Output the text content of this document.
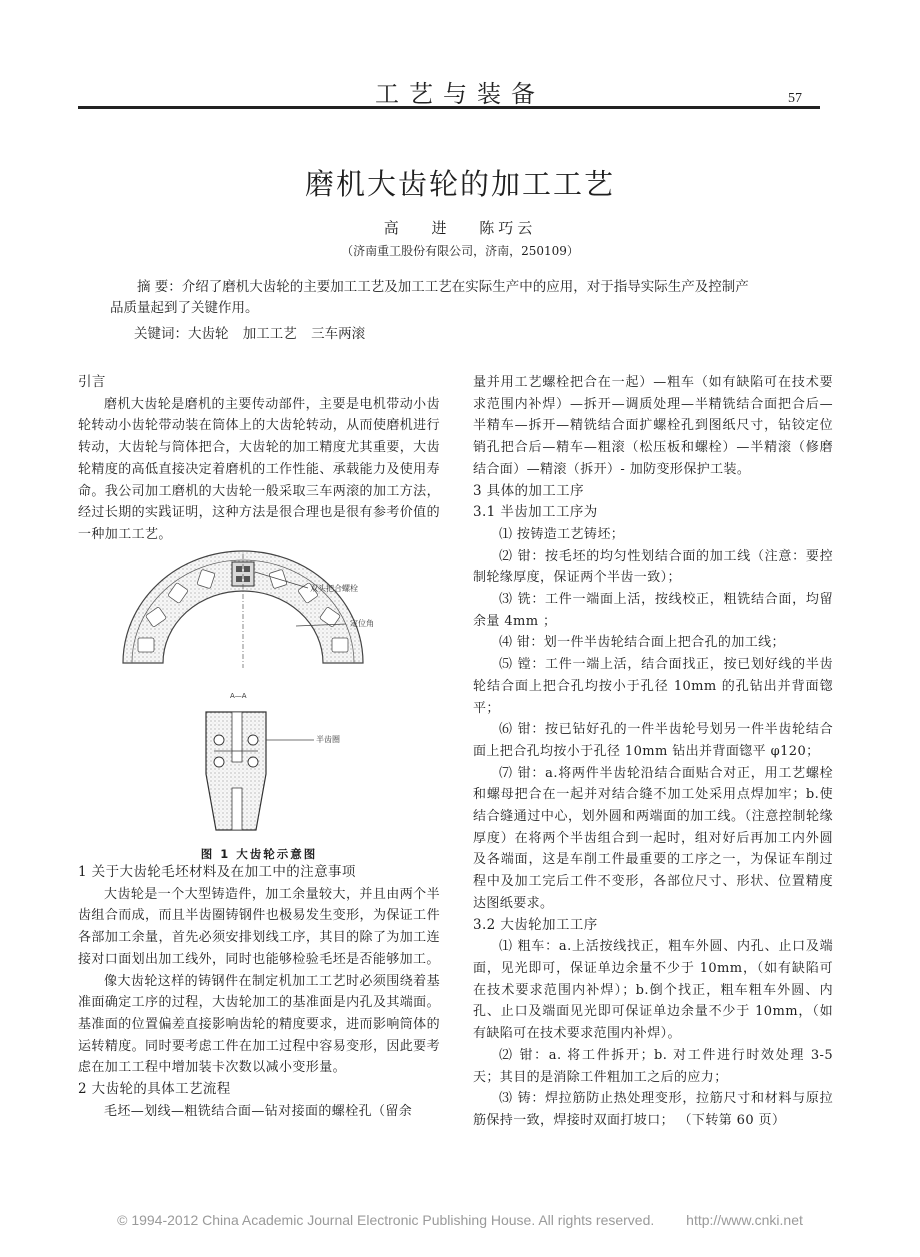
工艺与装备	57
磨机大齿轮的加工工艺
高 进 陈巧云
（济南重工股份有限公司，济南，250109）

摘 要：介绍了磨机大齿轮的主要加工工艺及加工工艺在实际生产中的应用，对于指导实际生产及控制产

品质量起到了关键作用。

关键词：大齿轮 加工工艺 三车两滚

引言

磨机大齿轮是磨机的主要传动部件，主要是电机带动小齿轮转动小齿轮带动装在筒体上的大齿轮转动，从而使磨机进行转动，大齿轮与筒体把合，大齿轮的加工精度尤其重要，大齿轮精度的高低直接决定着磨机的工作性能、承载能力及使用寿命。我公司加工磨机的大齿轮一般采取三车两滚的加工方法，经过长期的实践证明，这种方法是很合理也是很有参考价值的一种加工工艺。

双头把合螺栓
定位角
A—A
半齿圈
图 1 大齿轮示意图

1 关于大齿轮毛坯材料及在加工中的注意事项

大齿轮是一个大型铸造件，加工余量较大，并且由两个半齿组合而成，而且半齿圈铸钢件也极易发生变形，为保证工件各部加工余量，首先必须安排划线工序，其目的除了为加工连接对口面划出加工线外，同时也能够检验毛坯是否能够加工。

像大齿轮这样的铸钢件在制定机加工工艺时必须围绕着基准面确定工序的过程，大齿轮加工的基准面是内孔及其端面。基准面的位置偏差直接影响齿轮的精度要求，进而影响筒体的运转精度。同时要考虑工件在加工过程中容易变形，因此要考虑在加工工程中增加装卡次数以减小变形量。

2 大齿轮的具体工艺流程

毛坯—划线—粗铣结合面—钻对接面的螺栓孔（留余

量并用工艺螺栓把合在一起）—粗车（如有缺陷可在技术要求范围内补焊）—拆开—调质处理—半精铣结合面把合后—半精车—拆开—精铣结合面扩螺栓孔到图纸尺寸，钻铰定位销孔把合后—精车—粗滚（松压板和螺栓）—半精滚（修磨结合面）—精滚（拆开）- 加防变形保护工装。

3 具体的加工工序

3.1 半齿加工工序为

⑴ 按铸造工艺铸坯；

⑵ 钳：按毛坯的均匀性划结合面的加工线（注意：要控制轮缘厚度，保证两个半齿一致）；

⑶ 铣：工件一端面上活，按线校正，粗铣结合面，均留余量 4mm ；

⑷ 钳：划一件半齿轮结合面上把合孔的加工线；

⑸ 镗：工件一端上活，结合面找正，按已划好线的半齿轮结合面上把合孔均按小于孔径 10mm 的孔钻出并背面锪平；

⑹ 钳：按已钻好孔的一件半齿轮号划另一件半齿轮结合面上把合孔均按小于孔径 10mm 钻出并背面锪平 φ120；

⑺ 钳：a.将两件半齿轮沿结合面贴合对正，用工艺螺栓和螺母把合在一起并对结合缝不加工处采用点焊加牢；b.使结合缝通过中心，划外圆和两端面的加工线。（注意控制轮缘厚度）在将两个半齿组合到一起时，组对好后再加工内外圆及各端面，这是车削工件最重要的工序之一，为保证车削过程中及加工完后工件不变形，各部位尺寸、形状、位置精度达图纸要求。

3.2 大齿轮加工工序

⑴ 粗车：a.上活按线找正，粗车外圆、内孔、止口及端面，见光即可，保证单边余量不少于 10mm，（如有缺陷可在技术要求范围内补焊）；b.倒个找正，粗车粗车外圆、内孔、止口及端面见光即可保证单边余量不少于 10mm，（如有缺陷可在技术要求范围内补焊）。

⑵ 钳：a. 将工件拆开；b. 对工件进行时效处理 3-5 天；其目的是消除工件粗加工之后的应力；

⑶ 铸：焊拉筋防止热处理变形，拉筋尺寸和材料与原拉筋保持一致，焊接时双面打坡口； （下转第 60 页）

© 1994-2012 China Academic Journal Electronic Publishing House. All rights reserved. http://www.cnki.net
